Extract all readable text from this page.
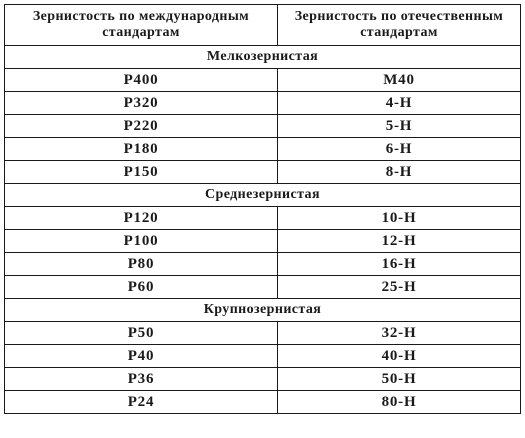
Зернистость по международным стандартам	Зернистость по отечественным стандартам
Мелкозернистая	
P400	M40
P320	4-H
P220	5-H
P180	6-H
P150	8-H
Среднезернистая	
P120	10-H
P100	12-H
P80	16-H
P60	25-H
Крупнозернистая	
P50	32-H
P40	40-H
P36	50-H
P24	80-H
